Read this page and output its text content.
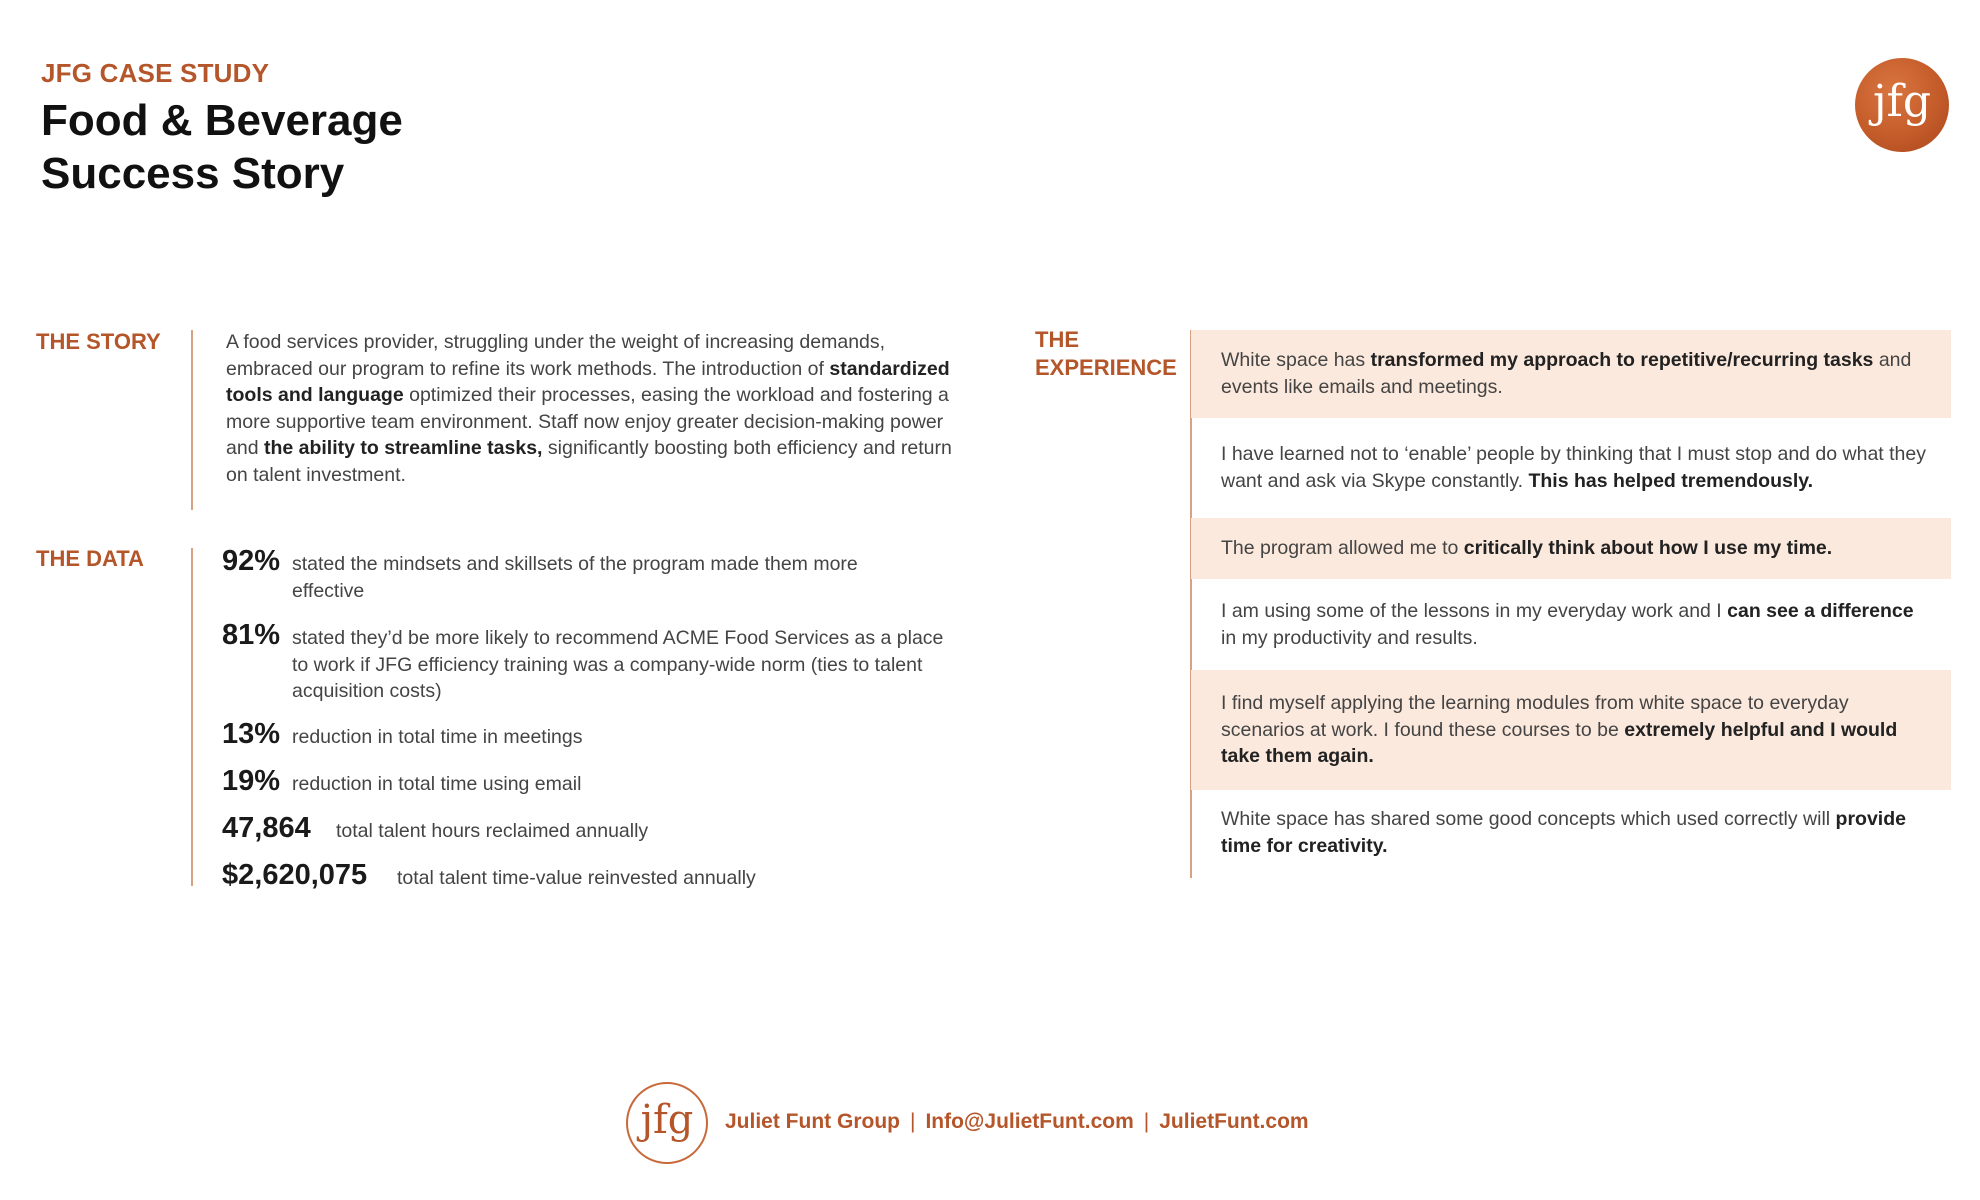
JFG CASE STUDY
Food & Beverage
Success Story
jfg
THE STORY	A food services provider, struggling under the weight of increasing demands, embraced our program to refine its work methods. The introduction of standardized tools and language optimized their processes, easing the workload and fostering a more supportive team environment. Staff now enjoy greater decision-making power and the ability to streamline tasks, significantly boosting both efficiency and return on talent investment.
THE DATA	92% stated the mindsets and skillsets of the program made them more effective
81% stated they’d be more likely to recommend ACME Food Services as a place to work if JFG efficiency training was a company-wide norm (ties to talent acquisition costs)
13% reduction in total time in meetings
19% reduction in total time using email
47,864	total talent hours reclaimed annually
$2,620,075	total talent time-value reinvested annually
THE
EXPERIENCE White space has transformed my approach to repetitive/recurring tasks and events like emails and meetings.
I have learned not to ‘enable’ people by thinking that I must stop and do what they want and ask via Skype constantly. This has helped tremendously.
The program allowed me to critically think about how I use my time.
I am using some of the lessons in my everyday work and I can see a difference in my productivity and results.
I find myself applying the learning modules from white space to everyday scenarios at work. I found these courses to be extremely helpful and I would take them again.
White space has shared some good concepts which used correctly will provide time for creativity.
jfg	Juliet Funt Group | Info@JulietFunt.com | JulietFunt.com
